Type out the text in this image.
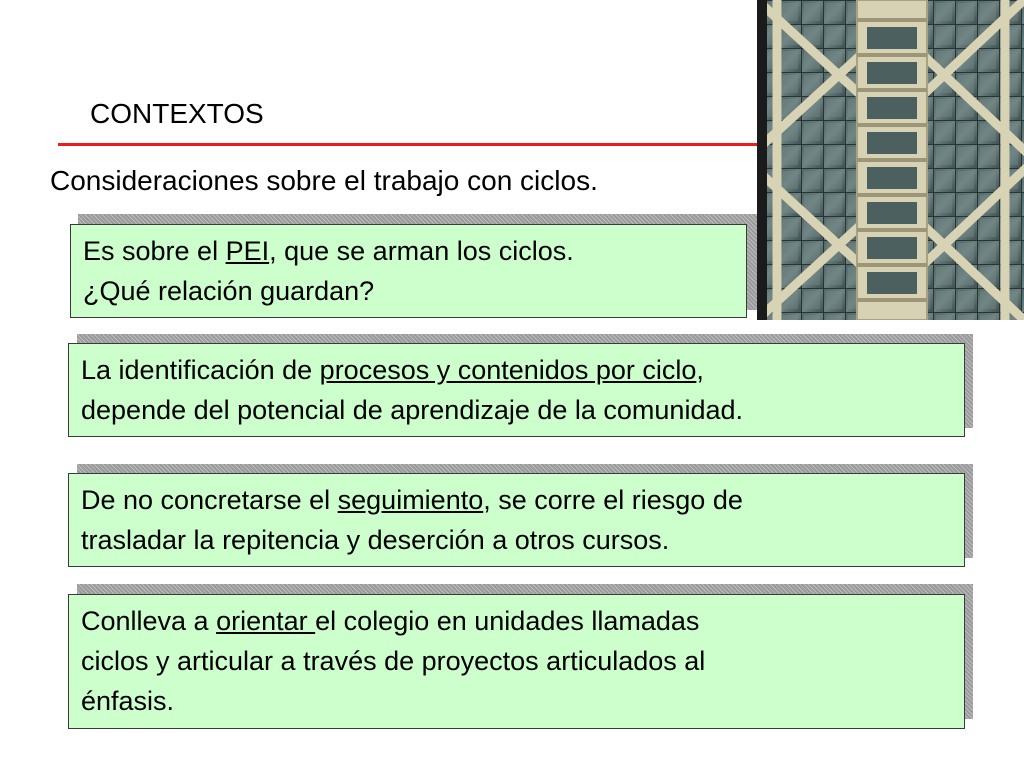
CONTEXTOS
Consideraciones sobre el trabajo con ciclos.
Es sobre el PEI, que se arman los ciclos.
¿Qué relación guardan?
La identificación de procesos y contenidos por ciclo,
depende del potencial de aprendizaje de la comunidad.
De no concretarse el seguimiento, se corre el riesgo de
trasladar la repitencia y deserción a otros cursos.
Conlleva a orientar el colegio en unidades llamadas
ciclos y articular a través de proyectos articulados al
énfasis.
